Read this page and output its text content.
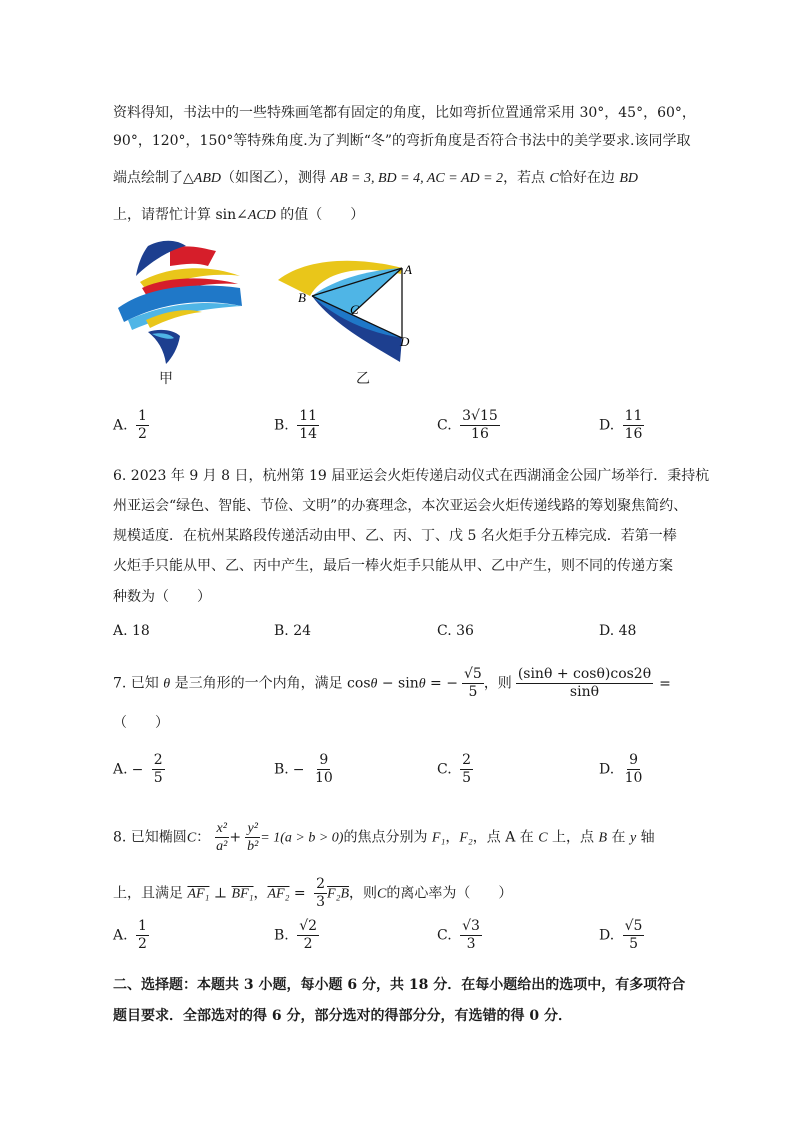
资料得知，书法中的一些特殊画笔都有固定的角度，比如弯折位置通常采用 30°，45°，60°，
90°，120°，150°等特殊角度.为了判断“冬”的弯折角度是否符合书法中的美学要求.该同学取
端点绘制了△ABD（如图乙），测得 AB = 3, BD = 4, AC = AD = 2，若点 C恰好在边 BD
上，请帮忙计算 sin∠ACD 的值（　　）
甲
A
B
C
D
乙
A. $\frac{1}{2}$	B. $\frac{11}{14}$	C. $\frac{3√15}{16}$	D. $\frac{11}{16}$
6. 2023 年 9 月 8 日，杭州第 19 届亚运会火炬传递启动仪式在西湖涌金公园广场举行．秉持杭
州亚运会“绿色、智能、节俭、文明”的办赛理念，本次亚运会火炬传递线路的筹划聚焦简约、
规模适度．在杭州某路段传递活动由甲、乙、丙、丁、戊 5 名火炬手分五棒完成．若第一棒
火炬手只能从甲、乙、丙中产生，最后一棒火炬手只能从甲、乙中产生，则不同的传递方案
种数为（　　）
A. 18	B. 24	C. 36	D. 48
7. 已知 θ 是三角形的一个内角，满足 cosθ − sinθ = − $\frac{√5}{5}$ ，则 $\frac{(\sin\theta + \cos\theta)\cos 2\theta}{\sin\theta}$ =
（　　）
A. − $\frac{2}{5}$	B. − $\frac{9}{10}$	C. $\frac{2}{5}$	D. $\frac{9}{10}$
8. 已知椭圆C： $\frac{\text{x²}}{\text{a²}} + \frac{\text{y²}}{\text{b²}} = 1(a > b > 0)$的焦点分别为 F₁，F₂，点 A 在 C 上，点 B 在 y 轴
上，且满足 AF₁ ⊥ BF₁，$AF_2 = \frac{2}{3} F_2B$，则C的离心率为（　　）
A. $\frac{1}{2}$	B. $\frac{√2}{2}$	C. $\frac{√3}{3}$	D. $\frac{√5}{5}$
二、选择题：本题共 3 小题，每小题 6 分，共 18 分．在每小题给出的选项中，有多项符合
题目要求．全部选对的得 6 分，部分选对的得部分分，有选错的得 0 分．
